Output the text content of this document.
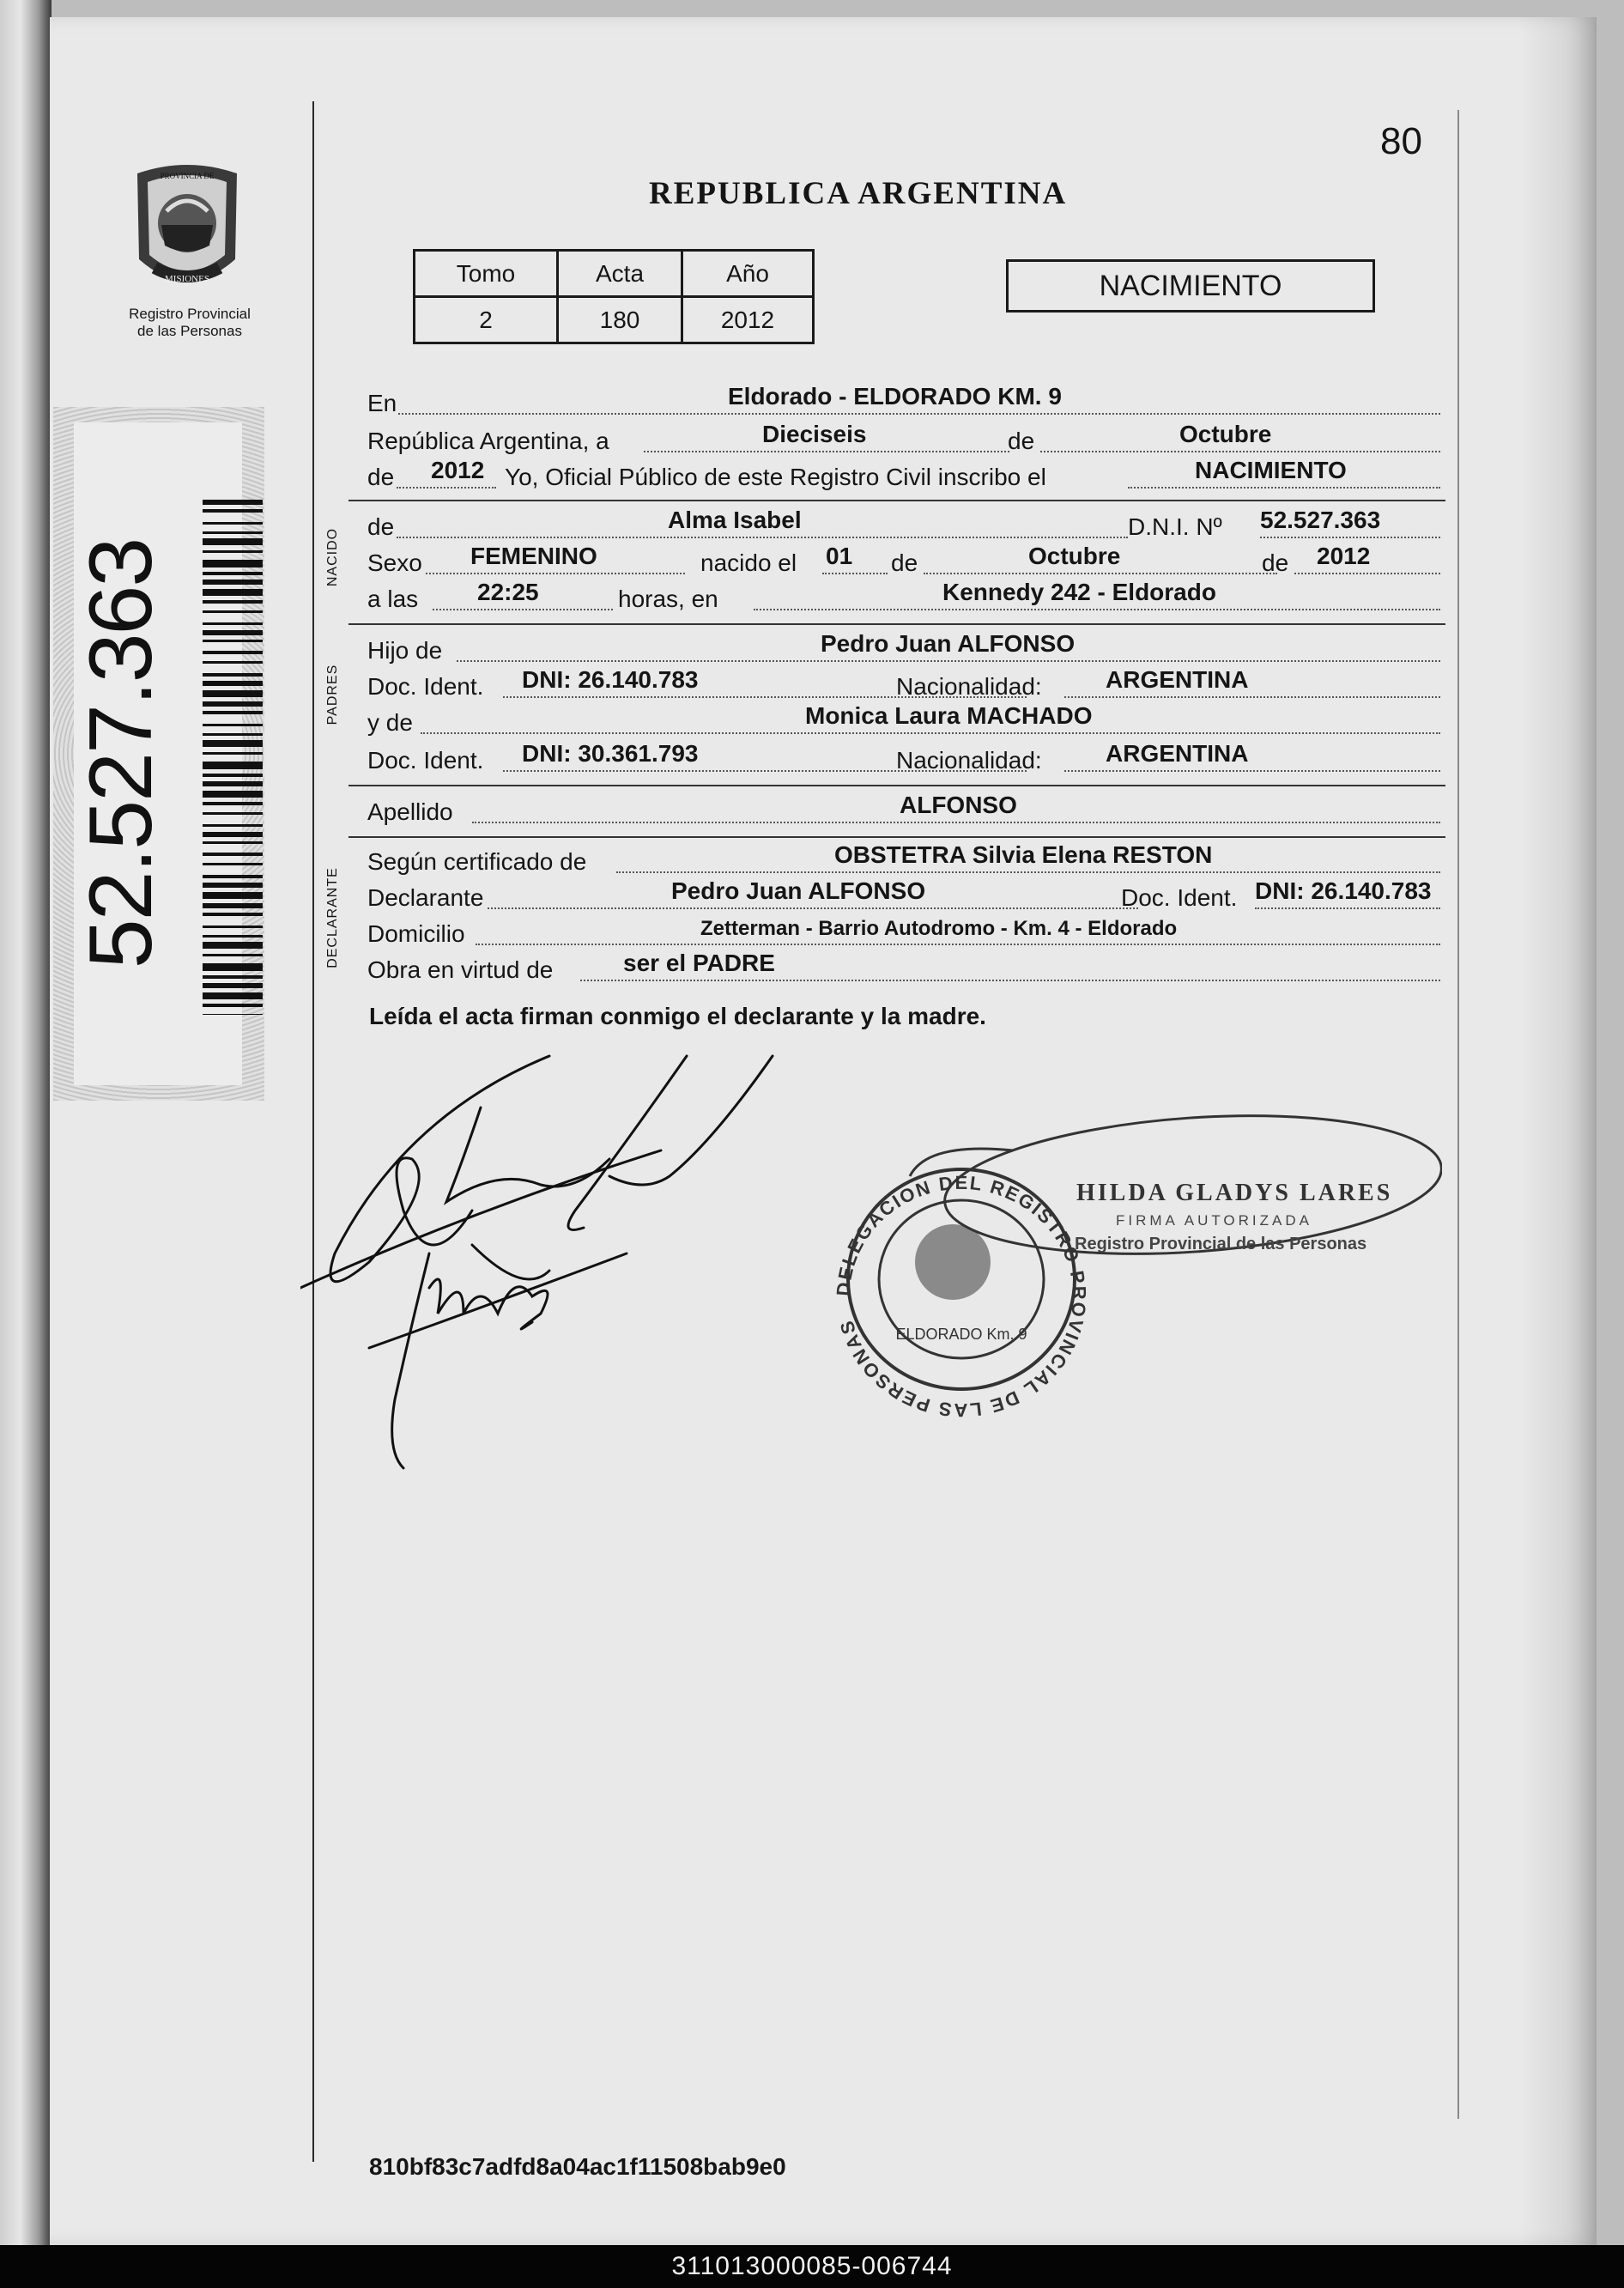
PROVINCIA DE
MISIONES
Registro Provincial
de las Personas
52.527.363
80
REPUBLICA ARGENTINA
Tomo	Acta	Año
2	180	2012
NACIMIENTO
En	Eldorado - ELDORADO KM. 9
República Argentina, a	Dieciseis	de	Octubre
de 2012 Yo, Oficial Público de este Registro Civil inscribo el	NACIMIENTO
NACIDO
de	Alma Isabel	D.N.I. Nº 52.527.363
Sexo FEMENINO	nacido el 01 de	Octubre	de 2012
a las 22:25	horas, en	Kennedy 242 - Eldorado
PADRES
Hijo de	Pedro Juan ALFONSO
Doc. Ident. DNI: 26.140.783	Nacionalidad:	ARGENTINA
y de	Monica Laura MACHADO
Doc. Ident. DNI: 30.361.793	Nacionalidad:	ARGENTINA
Apellido	ALFONSO
DECLARANTE
Según certificado de	OBSTETRA Silvia Elena RESTON
Declarante	Pedro Juan ALFONSO	Doc. Ident. DNI: 26.140.783
Domicilio	Zetterman - Barrio Autodromo - Km. 4 - Eldorado
Obra en virtud de	ser el PADRE
Leída el acta firman conmigo el declarante y la madre.
DELEGACION DEL REGISTRO PROVINCIAL DE LAS PERSONAS	ELDORADO Km. 9
HILDA GLADYS LARES
FIRMA AUTORIZADA
Registro Provincial de las Personas
810bf83c7adfd8a04ac1f11508bab9e0
311013000085-006744
